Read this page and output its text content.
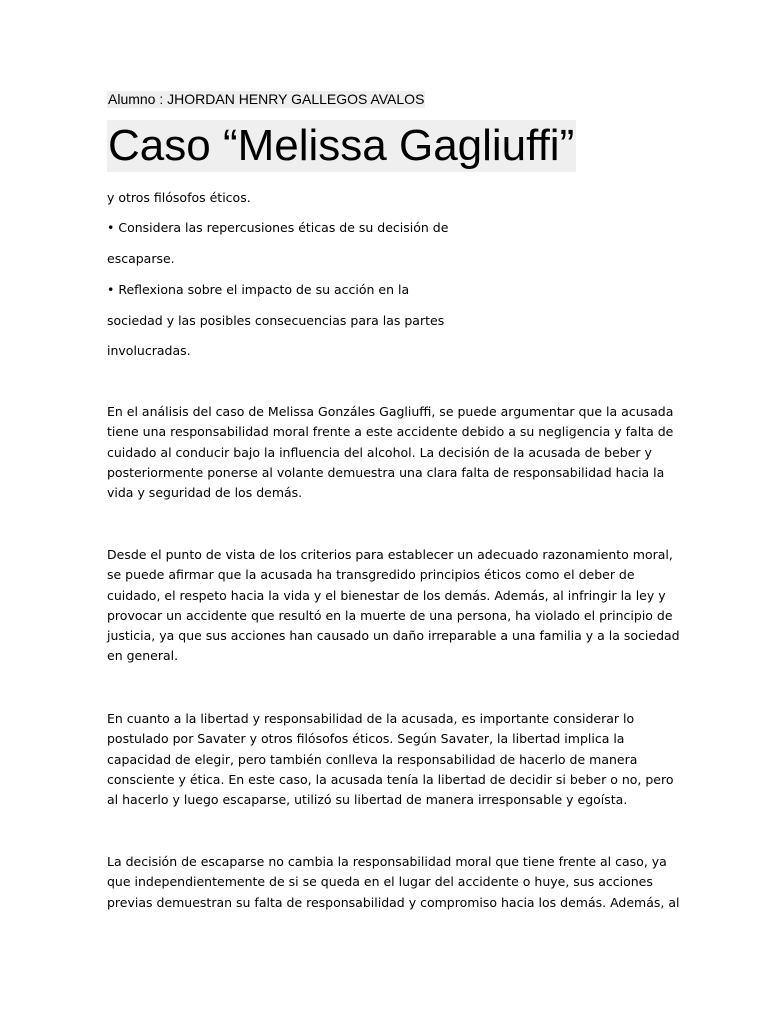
Alumno : JHORDAN HENRY GALLEGOS AVALOS
Caso “Melissa Gagliuffi”
y otros filósofos éticos.
• Considera las repercusiones éticas de su decisión de
escaparse.
• Reflexiona sobre el impacto de su acción en la
sociedad y las posibles consecuencias para las partes
involucradas.
En el análisis del caso de Melissa Gonzáles Gagliuffi, se puede argumentar que la acusada
tiene una responsabilidad moral frente a este accidente debido a su negligencia y falta de
cuidado al conducir bajo la influencia del alcohol. La decisión de la acusada de beber y
posteriormente ponerse al volante demuestra una clara falta de responsabilidad hacia la
vida y seguridad de los demás.
Desde el punto de vista de los criterios para establecer un adecuado razonamiento moral,
se puede afirmar que la acusada ha transgredido principios éticos como el deber de
cuidado, el respeto hacia la vida y el bienestar de los demás. Además, al infringir la ley y
provocar un accidente que resultó en la muerte de una persona, ha violado el principio de
justicia, ya que sus acciones han causado un daño irreparable a una familia y a la sociedad
en general.
En cuanto a la libertad y responsabilidad de la acusada, es importante considerar lo
postulado por Savater y otros filósofos éticos. Según Savater, la libertad implica la
capacidad de elegir, pero también conlleva la responsabilidad de hacerlo de manera
consciente y ética. En este caso, la acusada tenía la libertad de decidir si beber o no, pero
al hacerlo y luego escaparse, utilizó su libertad de manera irresponsable y egoísta.
La decisión de escaparse no cambia la responsabilidad moral que tiene frente al caso, ya
que independientemente de si se queda en el lugar del accidente o huye, sus acciones
previas demuestran su falta de responsabilidad y compromiso hacia los demás. Además, al
